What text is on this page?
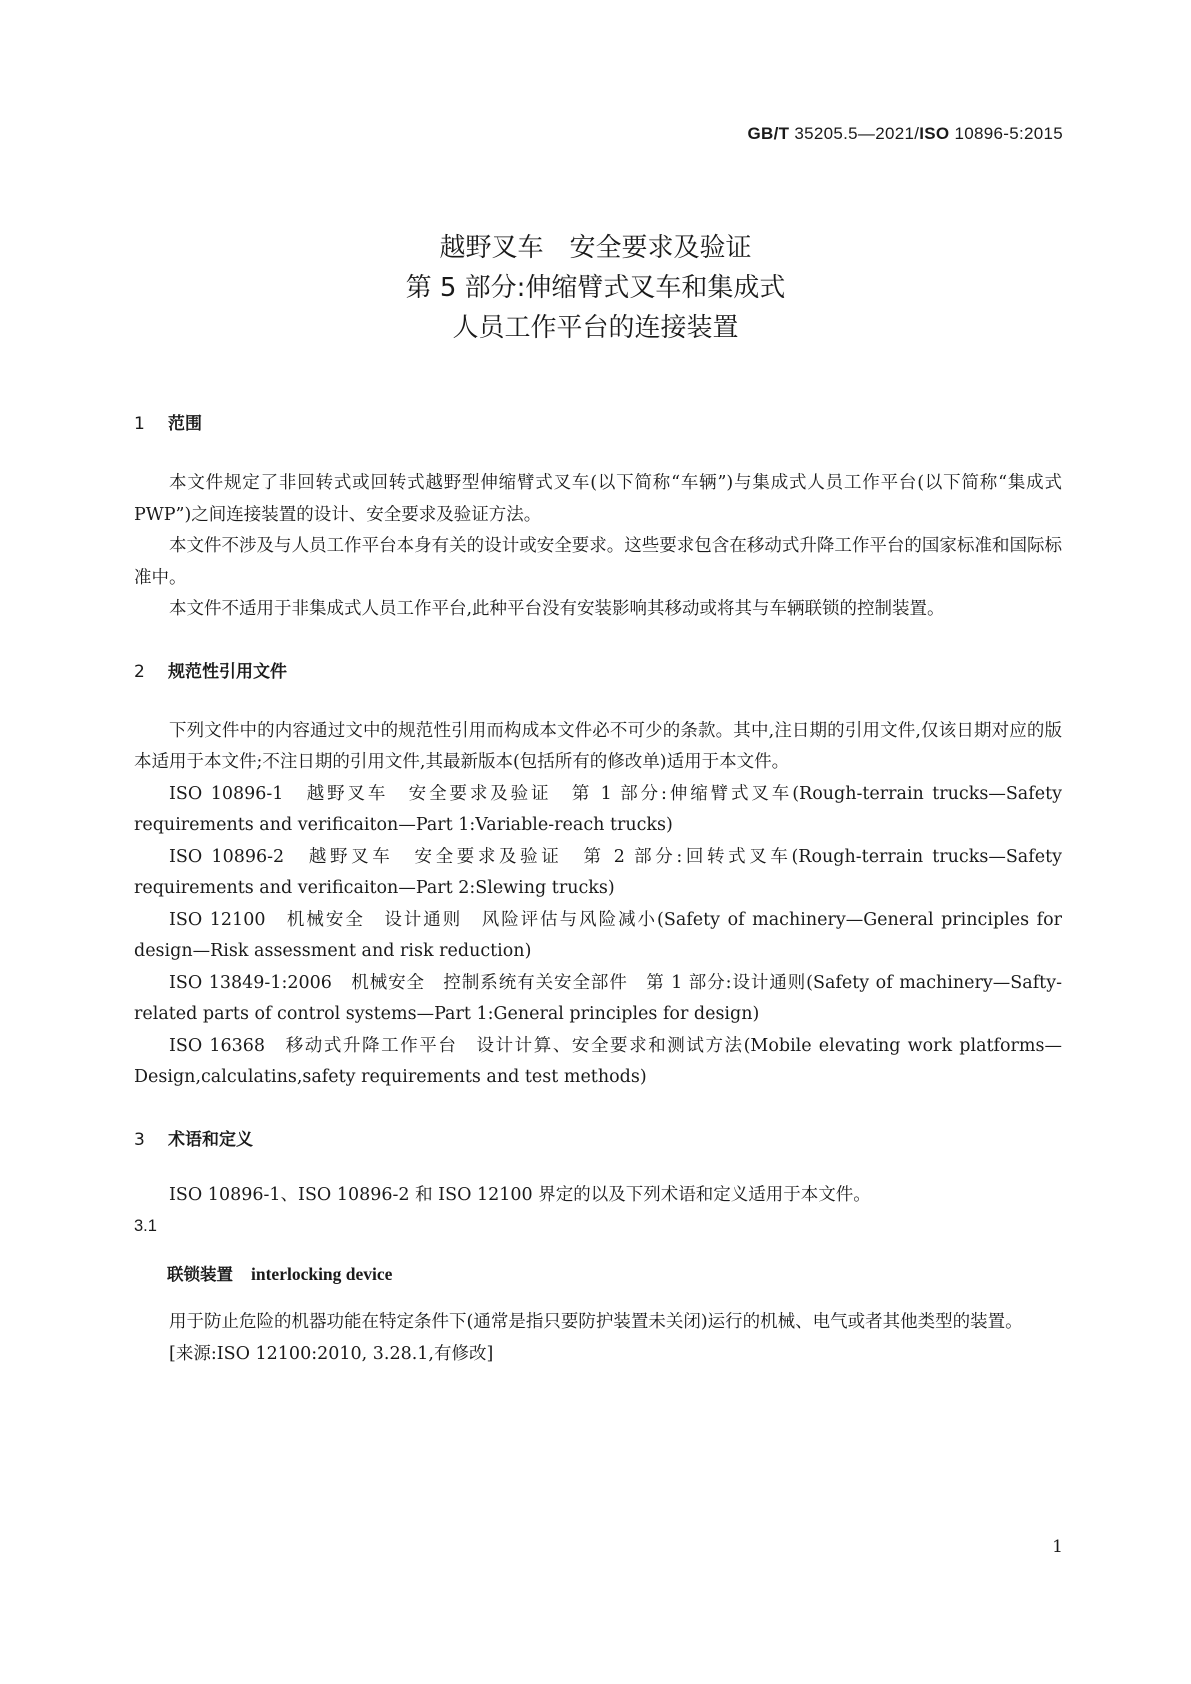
GB/T 35205.5—2021/ISO 10896-5:2015
越野叉车　安全要求及验证
第 5 部分:伸缩臂式叉车和集成式
人员工作平台的连接装置
1 范围

本文件规定了非回转式或回转式越野型伸缩臂式叉车(以下简称“车辆”)与集成式人员工作平台(以下简称“集成式 PWP”)之间连接装置的设计、安全要求及验证方法。

本文件不涉及与人员工作平台本身有关的设计或安全要求。这些要求包含在移动式升降工作平台的国家标准和国际标准中。

本文件不适用于非集成式人员工作平台,此种平台没有安装影响其移动或将其与车辆联锁的控制装置。

2 规范性引用文件

下列文件中的内容通过文中的规范性引用而构成本文件必不可少的条款。其中,注日期的引用文件,仅该日期对应的版本适用于本文件;不注日期的引用文件,其最新版本(包括所有的修改单)适用于本文件。

ISO 10896-1　越野叉车　安全要求及验证　第 1 部分:伸缩臂式叉车(Rough-terrain trucks—Safety requirements and verificaiton—Part 1:Variable-reach trucks)

ISO 10896-2　越野叉车　安全要求及验证　第 2 部分:回转式叉车(Rough-terrain trucks—Safety requirements and verificaiton—Part 2:Slewing trucks)

ISO 12100　机械安全　设计通则　风险评估与风险减小(Safety of machinery—General principles for design—Risk assessment and risk reduction)

ISO 13849-1:2006　机械安全　控制系统有关安全部件　第 1 部分:设计通则(Safety of machinery—Safty-related parts of control systems—Part 1:General principles for design)

ISO 16368　移动式升降工作平台　设计计算、安全要求和测试方法(Mobile elevating work platforms—Design,calculatins,safety requirements and test methods)

3 术语和定义

ISO 10896-1、ISO 10896-2 和 ISO 12100 界定的以及下列术语和定义适用于本文件。

3.1

联锁装置 interlocking device

用于防止危险的机器功能在特定条件下(通常是指只要防护装置未关闭)运行的机械、电气或者其他类型的装置。

[来源:ISO 12100:2010, 3.28.1,有修改]

1
